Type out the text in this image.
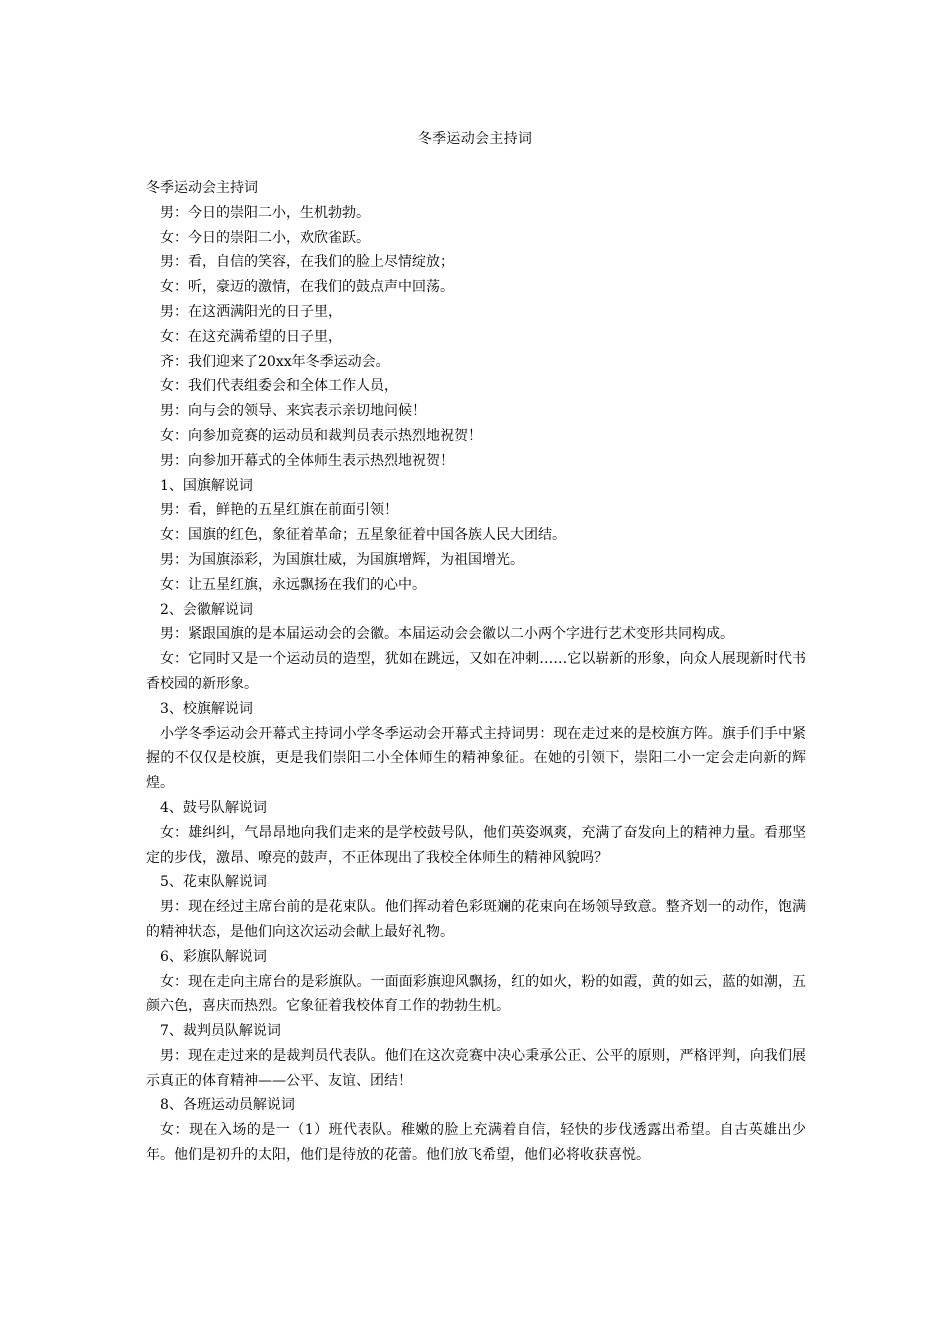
冬季运动会主持词

冬季运动会主持词

男：今日的崇阳二小，生机勃勃。

女：今日的崇阳二小，欢欣雀跃。

男：看，自信的笑容，在我们的脸上尽情绽放；

女：听，豪迈的激情，在我们的鼓点声中回荡。

男：在这洒满阳光的日子里，

女：在这充满希望的日子里，

齐：我们迎来了20xx年冬季运动会。

女：我们代表组委会和全体工作人员，

男：向与会的领导、来宾表示亲切地问候！

女：向参加竞赛的运动员和裁判员表示热烈地祝贺！

男：向参加开幕式的全体师生表示热烈地祝贺！

1、国旗解说词

男：看，鲜艳的五星红旗在前面引领！

女：国旗的红色，象征着革命；五星象征着中国各族人民大团结。

男：为国旗添彩，为国旗壮威，为国旗增辉，为祖国增光。

女：让五星红旗，永远飘扬在我们的心中。

2、会徽解说词

男：紧跟国旗的是本届运动会的会徽。本届运动会会徽以二小两个字进行艺术变形共同构成。

女：它同时又是一个运动员的造型，犹如在跳远，又如在冲刺……它以崭新的形象，向众人展现新时代书香校园的新形象。

3、校旗解说词

小学冬季运动会开幕式主持词小学冬季运动会开幕式主持词男：现在走过来的是校旗方阵。旗手们手中紧握的不仅仅是校旗，更是我们崇阳二小全体师生的精神象征。在她的引领下，崇阳二小一定会走向新的辉煌。

4、鼓号队解说词

女：雄纠纠，气昂昂地向我们走来的是学校鼓号队，他们英姿飒爽，充满了奋发向上的精神力量。看那坚定的步伐，激昂、嘹亮的鼓声，不正体现出了我校全体师生的精神风貌吗？

5、花束队解说词

男：现在经过主席台前的是花束队。他们挥动着色彩斑斓的花束向在场领导致意。整齐划一的动作，饱满的精神状态，是他们向这次运动会献上最好礼物。

6、彩旗队解说词

女：现在走向主席台的是彩旗队。一面面彩旗迎风飘扬，红的如火，粉的如霞，黄的如云，蓝的如潮，五颜六色，喜庆而热烈。它象征着我校体育工作的勃勃生机。

7、裁判员队解说词

男：现在走过来的是裁判员代表队。他们在这次竞赛中决心秉承公正、公平的原则，严格评判，向我们展示真正的体育精神——公平、友谊、团结！

8、各班运动员解说词

女：现在入场的是一（1）班代表队。稚嫩的脸上充满着自信，轻快的步伐透露出希望。自古英雄出少年。他们是初升的太阳，他们是待放的花蕾。他们放飞希望，他们必将收获喜悦。
